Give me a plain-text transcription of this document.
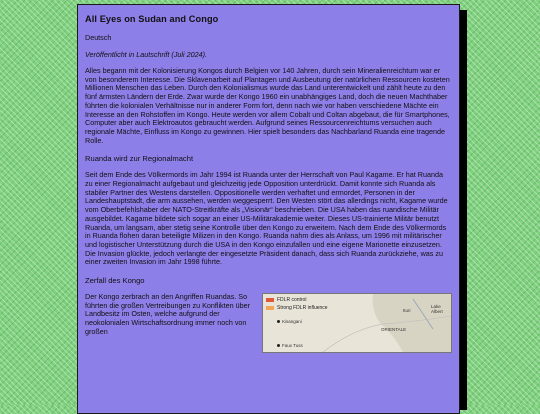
All Eyes on Sudan and Congo
Deutsch
Veröffentlicht in Lautschrift (Juli 2024).

Alles begann mit der Kolonisierung Kongos durch Belgien vor 140 Jahren, durch sein Mineralienreichtum war er von besonderem Interesse. Die Sklavenarbeit auf Plantagen und Ausbeutung der natürlichen Ressourcen kosteten Millionen Menschen das Leben. Durch den Kolonialismus wurde das Land unterentwickelt und zählt heute zu den fünf ärmsten Ländern der Erde. Zwar wurde der Kongo 1960 ein unabhängiges Land, doch die neuen Machthaber führten die kolonialen Verhältnisse nur in anderer Form fort, denn nach wie vor haben verschiedene Mächte ein Interesse an den Rohstoffen im Kongo. Heute werden vor allem Cobalt und Coltan abgebaut, die für Smartphones, Computer aber auch Elektroautos gebraucht werden. Aufgrund seines Ressourcenreichtums versuchen auch regionale Mächte, Einfluss im Kongo zu gewinnen. Hier spielt besonders das Nachbarland Ruanda eine tragende Rolle.

Ruanda wird zur Regionalmacht

Seit dem Ende des Völkermords im Jahr 1994 ist Ruanda unter der Herrschaft von Paul Kagame. Er hat Ruanda zu einer Regionalmacht aufgebaut und gleichzeitig jede Opposition unterdrückt. Damit konnte sich Ruanda als stabiler Partner des Westens darstellen. Oppositionelle werden verhaftet und ermordet, Personen in der Landeshauptstadt, die arm aussehen, werden weggesperrt. Den Westen stört das allerdings nicht, Kagame wurde vom Oberbefehlshaber der NATO-Streitkräfte als „Visionär“ beschrieben. Die USA haben das ruandische Militär ausgebildet. Kagame bildete sich sogar an einer US-Militärakademie weiter. Dieses US-trainierte Militär benutzt Ruanda, um langsam, aber stetig seine Kontrolle über den Kongo zu erweitern. Nach dem Ende des Völkermords in Ruanda flohen daran beteiligte Milizen in den Kongo. Ruanda nahm dies als Anlass, um 1996 mit militärischer und logistischer Unterstützung durch die USA in den Kongo einzufallen und eine eigene Marionette einzusetzen. Die Invasion glückte, jedoch verlangte der eingesetzte Präsident danach, dass sich Ruanda zurückziehe, was zu einer zweiten Invasion im Jahr 1998 führte.

Zerfall des Kongo

Der Kongo zerbrach an den Angriffen Ruandas. So führten die großen Vertreibungen zu Konflikten über Landbesitz im Osten, welche aufgrund der neokolonialen Wirtschaftsordnung immer noch von großen

FDLR control
Strong FDLR influence
Kisangani
Lake Albert
ORIENTALE
Ituri
Faux Tuss
